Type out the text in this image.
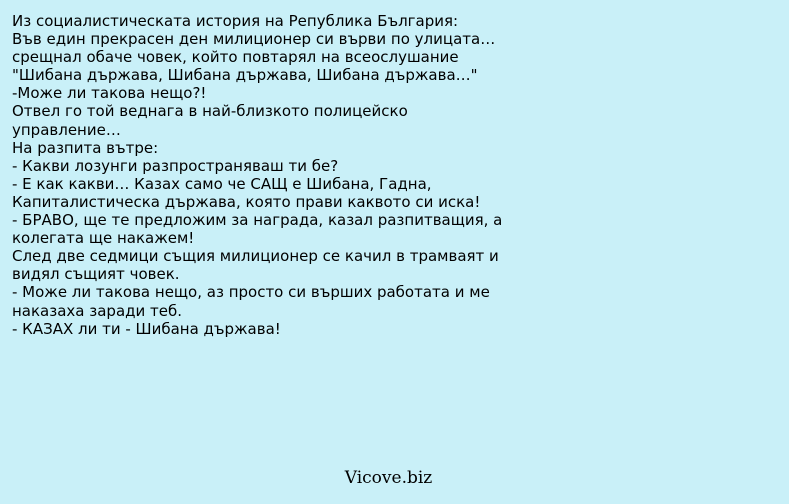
Из социалистическата история на Република България:
Във един прекрасен ден милиционер си върви по улицата…
срещнал обаче човек, който повтарял на всеослушание
"Шибана държава, Шибана държава, Шибана държава…"
-Може ли такова нещо?!
Отвел го той веднага в най-близкото полицейско
управление…
На разпита вътре:
- Какви лозунги разпространяваш ти бе?
- Е как какви… Казах само че САЩ е Шибана, Гадна,
Капиталистическа държава, която прави каквото си иска!
- БРАВО, ще те предложим за награда, казал разпитващия, а
колегата ще накажем!
След две седмици същия милиционер се качил в трамваят и
видял същият човек.
- Може ли такова нещо, аз просто си върших работата и ме
наказаха заради теб.
- КАЗАХ ли ти - Шибана държава!
Vicove.biz
